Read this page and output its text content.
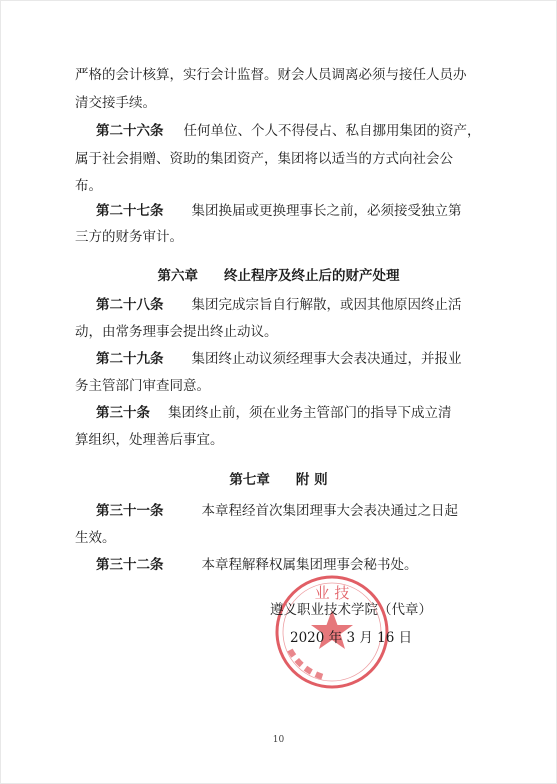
严格的会计核算，实行会计监督。财会人员调离必须与接任人员办
清交接手续。
第二十六条 任何单位、个人不得侵占、私自挪用集团的资产，
属于社会捐赠、资助的集团资产，集团将以适当的方式向社会公
布。
第二十七条 集团换届或更换理事长之前，必须接受独立第
三方的财务审计。
第六章 终止程序及终止后的财产处理
第二十八条 集团完成宗旨自行解散，或因其他原因终止活
动，由常务理事会提出终止动议。
第二十九条 集团终止动议须经理事大会表决通过，并报业
务主管部门审查同意。
第三十条 集团终止前，须在业务主管部门的指导下成立清
算组织，处理善后事宜。
第七章 附 则
第三十一条	本章程经首次集团理事大会表决通过之日起
生效。
第三十二条	本章程解释权属集团理事会秘书处。
业 技
遵义职业技术学院（代章）
2020 年 3 月 16 日
10
